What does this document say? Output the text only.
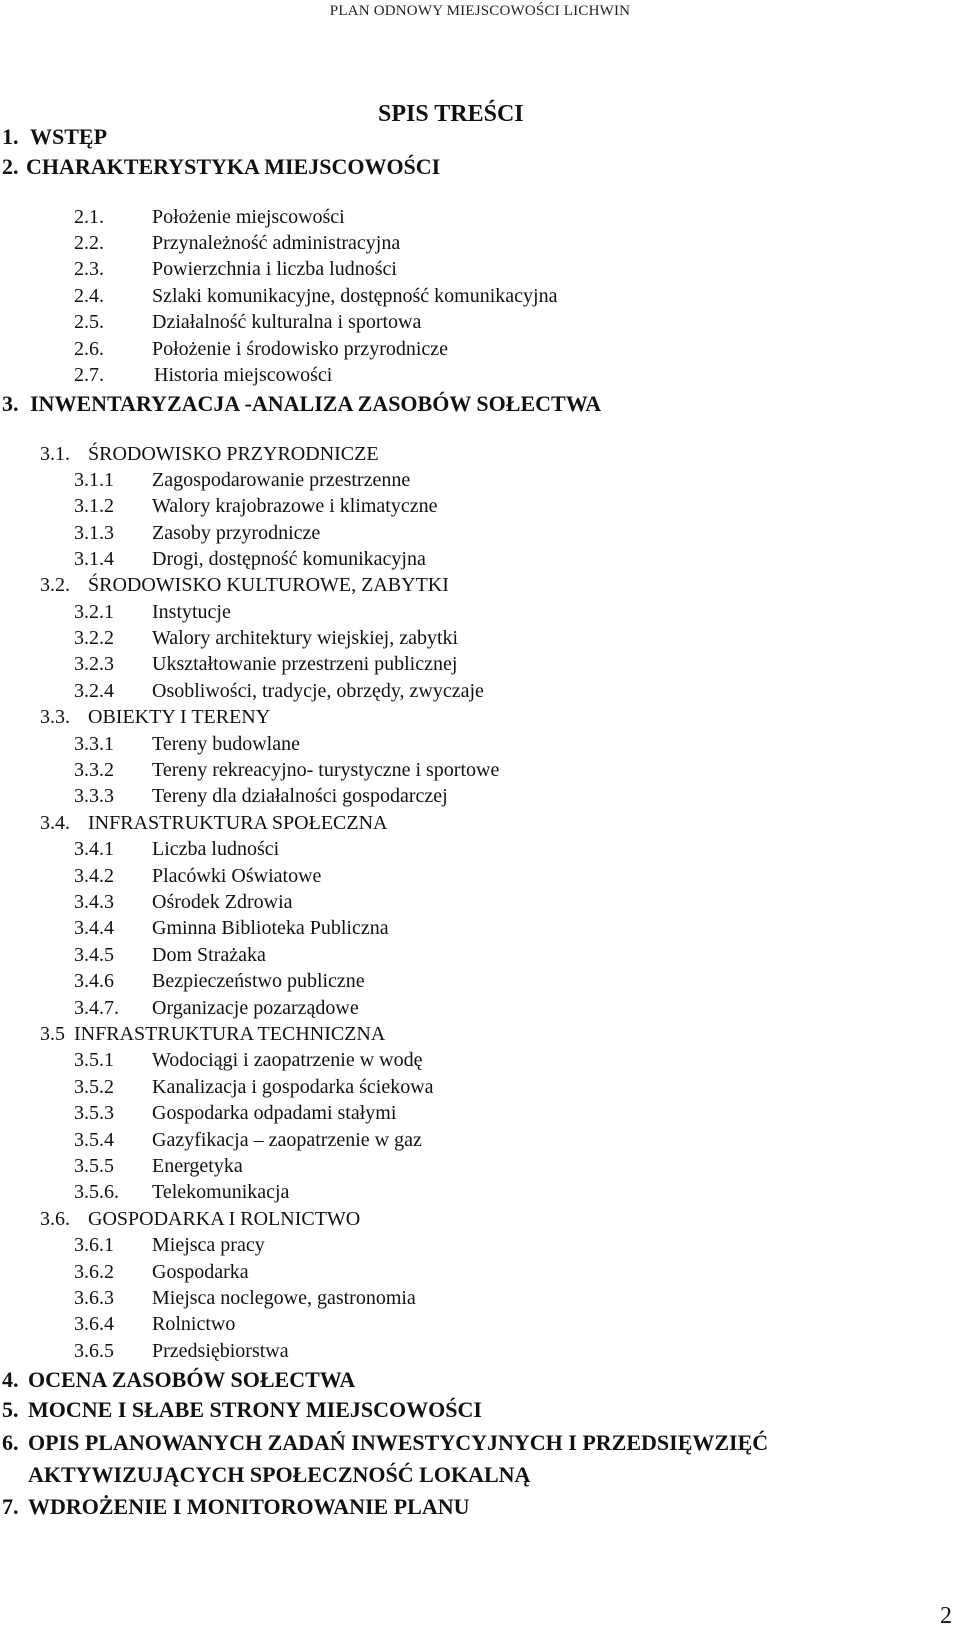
PLAN ODNOWY MIEJSCOWOŚCI LICHWIN
SPIS TREŚCI
1. WSTĘP
2. CHARAKTERYSTYKA MIEJSCOWOŚCI
2.1. Położenie miejscowości
2.2. Przynależność administracyjna
2.3. Powierzchnia i liczba ludności
2.4. Szlaki komunikacyjne, dostępność komunikacyjna
2.5. Działalność kulturalna i sportowa
2.6. Położenie i środowisko przyrodnicze
2.7.	Historia miejscowości
3. INWENTARYZACJA -ANALIZA ZASOBÓW SOŁECTWA
3.1. ŚRODOWISKO PRZYRODNICZE
3.1.1 Zagospodarowanie przestrzenne
3.1.2 Walory krajobrazowe i klimatyczne
3.1.3 Zasoby przyrodnicze
3.1.4 Drogi, dostępność komunikacyjna
3.2. ŚRODOWISKO KULTUROWE, ZABYTKI
3.2.1 Instytucje
3.2.2 Walory architektury wiejskiej, zabytki
3.2.3 Ukształtowanie przestrzeni publicznej
3.2.4 Osobliwości, tradycje, obrzędy, zwyczaje
3.3. OBIEKTY I TERENY
3.3.1 Tereny budowlane
3.3.2 Tereny rekreacyjno- turystyczne i sportowe
3.3.3 Tereny dla działalności gospodarczej
3.4. INFRASTRUKTURA SPOŁECZNA
3.4.1 Liczba ludności
3.4.2 Placówki Oświatowe
3.4.3 Ośrodek Zdrowia
3.4.4 Gminna Biblioteka Publiczna
3.4.5 Dom Strażaka
3.4.6 Bezpieczeństwo publiczne
3.4.7. Organizacje pozarządowe
3.5 INFRASTRUKTURA TECHNICZNA
3.5.1 Wodociągi i zaopatrzenie w wodę
3.5.2 Kanalizacja i gospodarka ściekowa
3.5.3 Gospodarka odpadami stałymi
3.5.4 Gazyfikacja – zaopatrzenie w gaz
3.5.5 Energetyka
3.5.6. Telekomunikacja
3.6. GOSPODARKA I ROLNICTWO
3.6.1 Miejsca pracy
3.6.2 Gospodarka
3.6.3 Miejsca noclegowe, gastronomia
3.6.4 Rolnictwo
3.6.5 Przedsiębiorstwa
4. OCENA ZASOBÓW SOŁECTWA
5. MOCNE I SŁABE STRONY MIEJSCOWOŚCI
6. OPIS PLANOWANYCH ZADAŃ INWESTYCYJNYCH I PRZEDSIĘWZIĘĆ
AKTYWIZUJĄCYCH SPOŁECZNOŚĆ LOKALNĄ
7. WDROŻENIE I MONITOROWANIE PLANU
2
